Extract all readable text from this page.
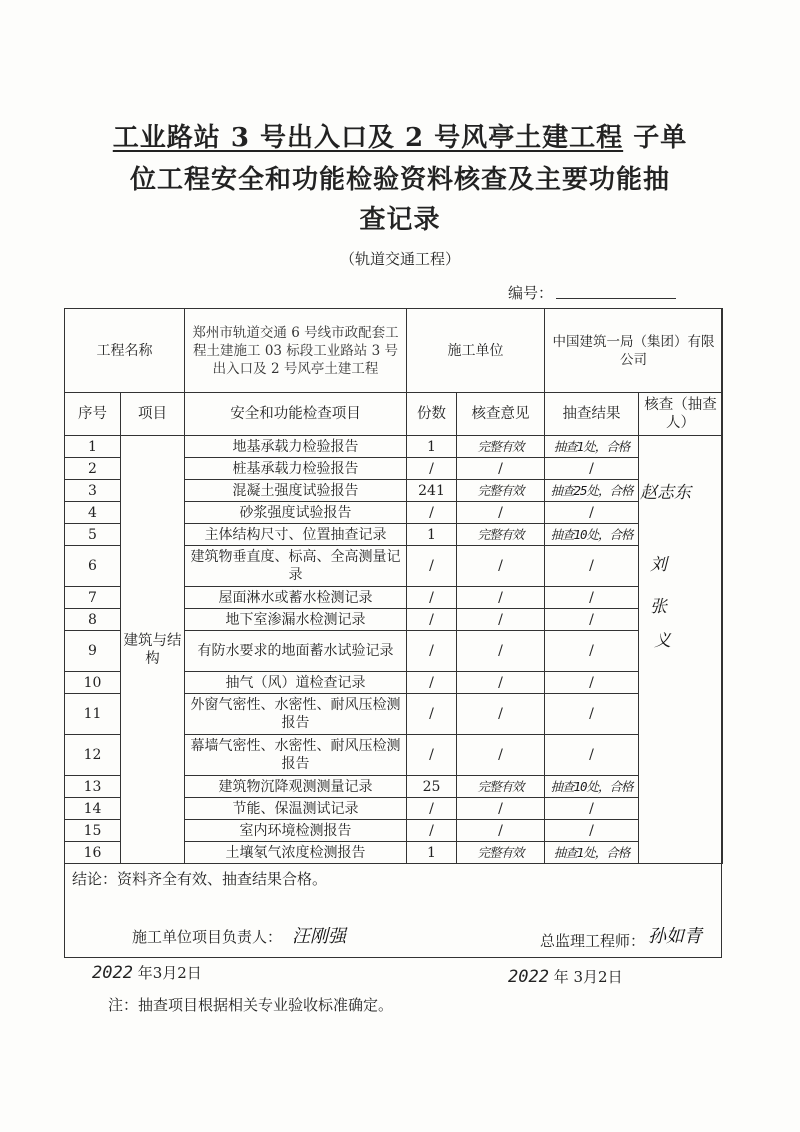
工业路站 3 号出入口及 2 号风亭土建工程 子单
位工程安全和功能检验资料核查及主要功能抽
查记录
（轨道交通工程）
编号：
工程名称		郑州市轨道交通 6 号线市政配套工程土建施工 03 标段工业路站 3 号出入口及 2 号风亭土建工程	施工单位		中国建筑一局（集团）有限公司	
序号	项目	安全和功能检查项目	份数	核查意见	抽查结果	核查（抽查人）
1	建筑与结构	地基承载力检验报告	1	完整有效	抽查1处，合格	
2		桩基承载力检验报告	/	/	/	
3		混凝土强度试验报告	241	完整有效	抽查25处，合格	
4		砂浆强度试验报告	/	/	/	
5		主体结构尺寸、位置抽查记录	1	完整有效	抽查10处，合格	
6		建筑物垂直度、标高、全高测量记录	/	/	/	
7		屋面淋水或蓄水检测记录	/	/	/	
8		地下室渗漏水检测记录	/	/	/	
9		有防水要求的地面蓄水试验记录	/	/	/	
10		抽气（风）道检查记录	/	/	/	
11		外窗气密性、水密性、耐风压检测报告	/	/	/	
12		幕墙气密性、水密性、耐风压检测报告	/	/	/	
13		建筑物沉降观测测量记录	25	完整有效	抽查10处，合格	
14		节能、保温测试记录	/	/	/	
15		室内环境检测报告	/	/	/	
16		土壤氡气浓度检测报告	1	完整有效	抽查1处，合格	
赵志东
刘
张
义
结论：资料齐全有效、抽查结果合格。
施工单位项目负责人： 汪刚强	总监理工程师： 孙如青
2022 年3月2日	2022 年 3月2日
注：抽查项目根据相关专业验收标准确定。
